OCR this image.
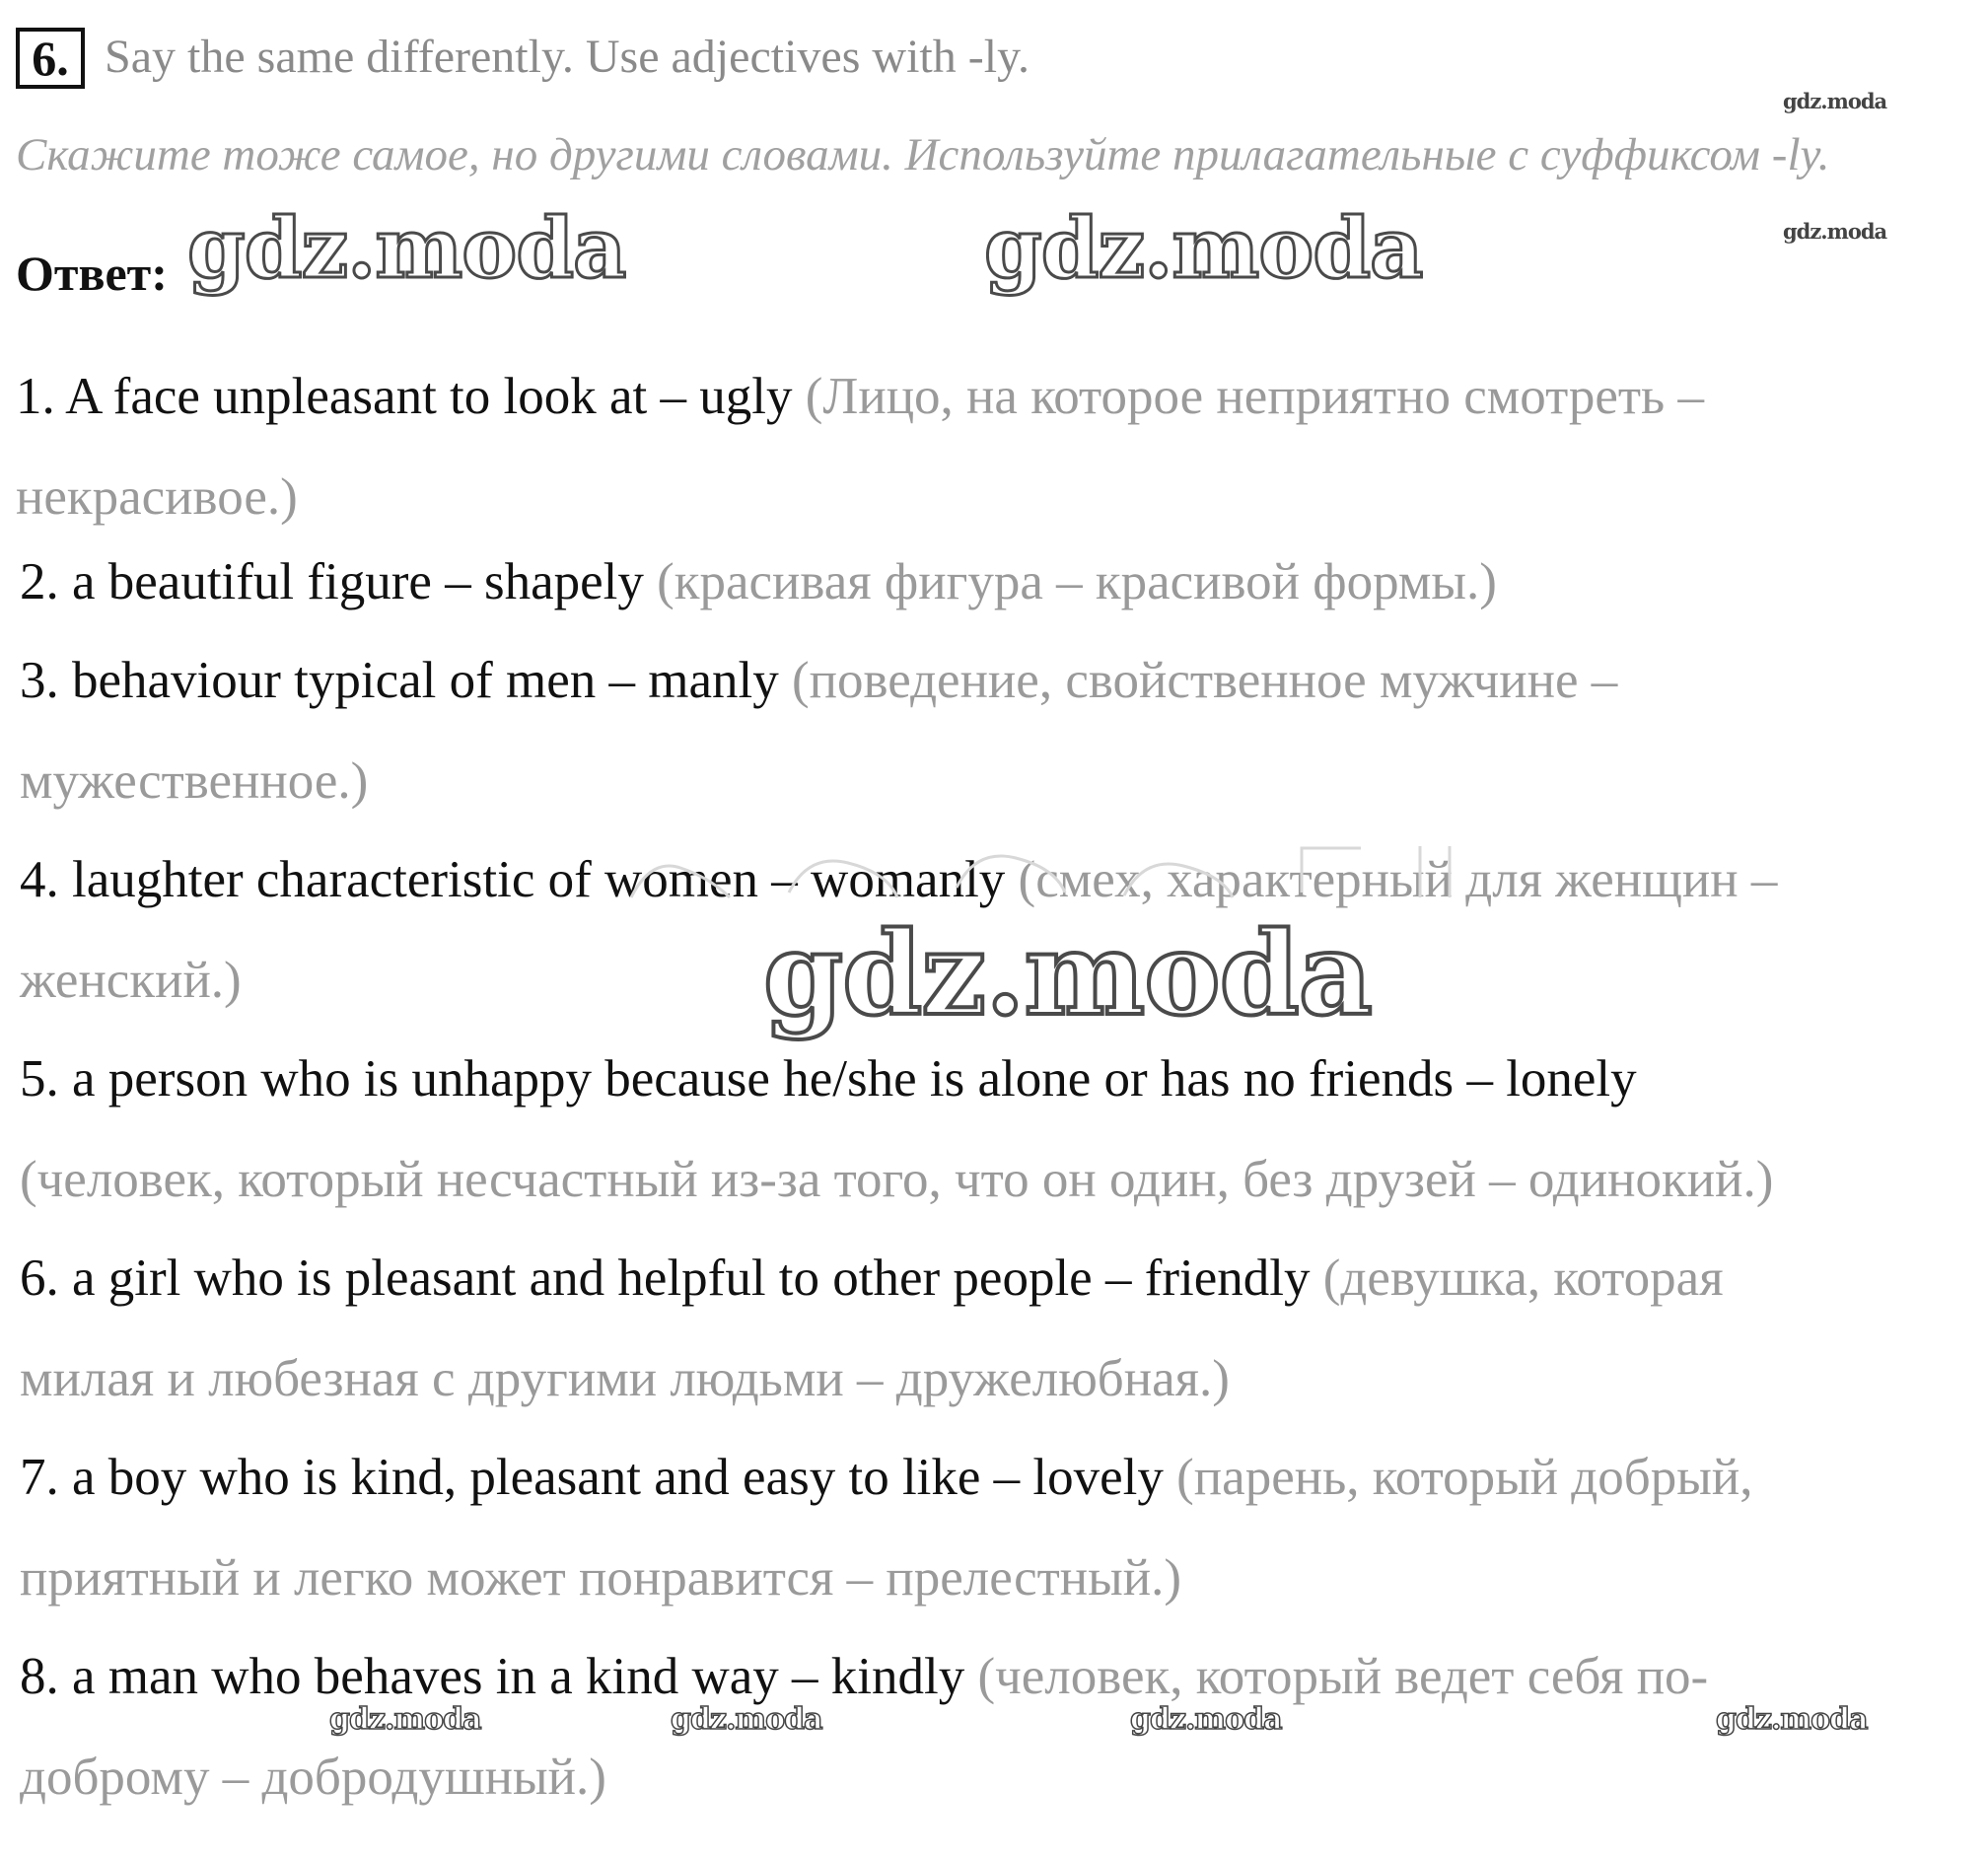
6. Say the same differently. Use adjectives with -ly.
gdz.moda
Скажите тоже самое, но другими словами. Используйте прилагательные с суффиксом -ly.
gdz.moda
Ответ: gdz.moda	gdz.moda
1. A face unpleasant to look at – ugly (Лицо, на которое неприятно смотреть –
некрасивое.)
2. a beautiful figure – shapely (красивая фигура – красивой формы.)
3. behaviour typical of men – manly (поведение, свойственное мужчине –
мужественное.)
4. laughter characteristic of women – womanly (смех, характерный для женщин –
женский.)	gdz.moda
5. a person who is unhappy because he/she is alone or has no friends – lonely
(человек, который несчастный из-за того, что он один, без друзей – одинокий.)
6. a girl who is pleasant and helpful to other people – friendly (девушка, которая
милая и любезная с другими людьми – дружелюбная.)
7. a boy who is kind, pleasant and easy to like – lovely (парень, который добрый,
приятный и легко может понравится – прелестный.)
8. a man who behaves in a kind way – kindly (человек, который ведет себя по-
gdz.moda	gdz.moda	gdz.moda	gdz.moda
доброму – добродушный.)
